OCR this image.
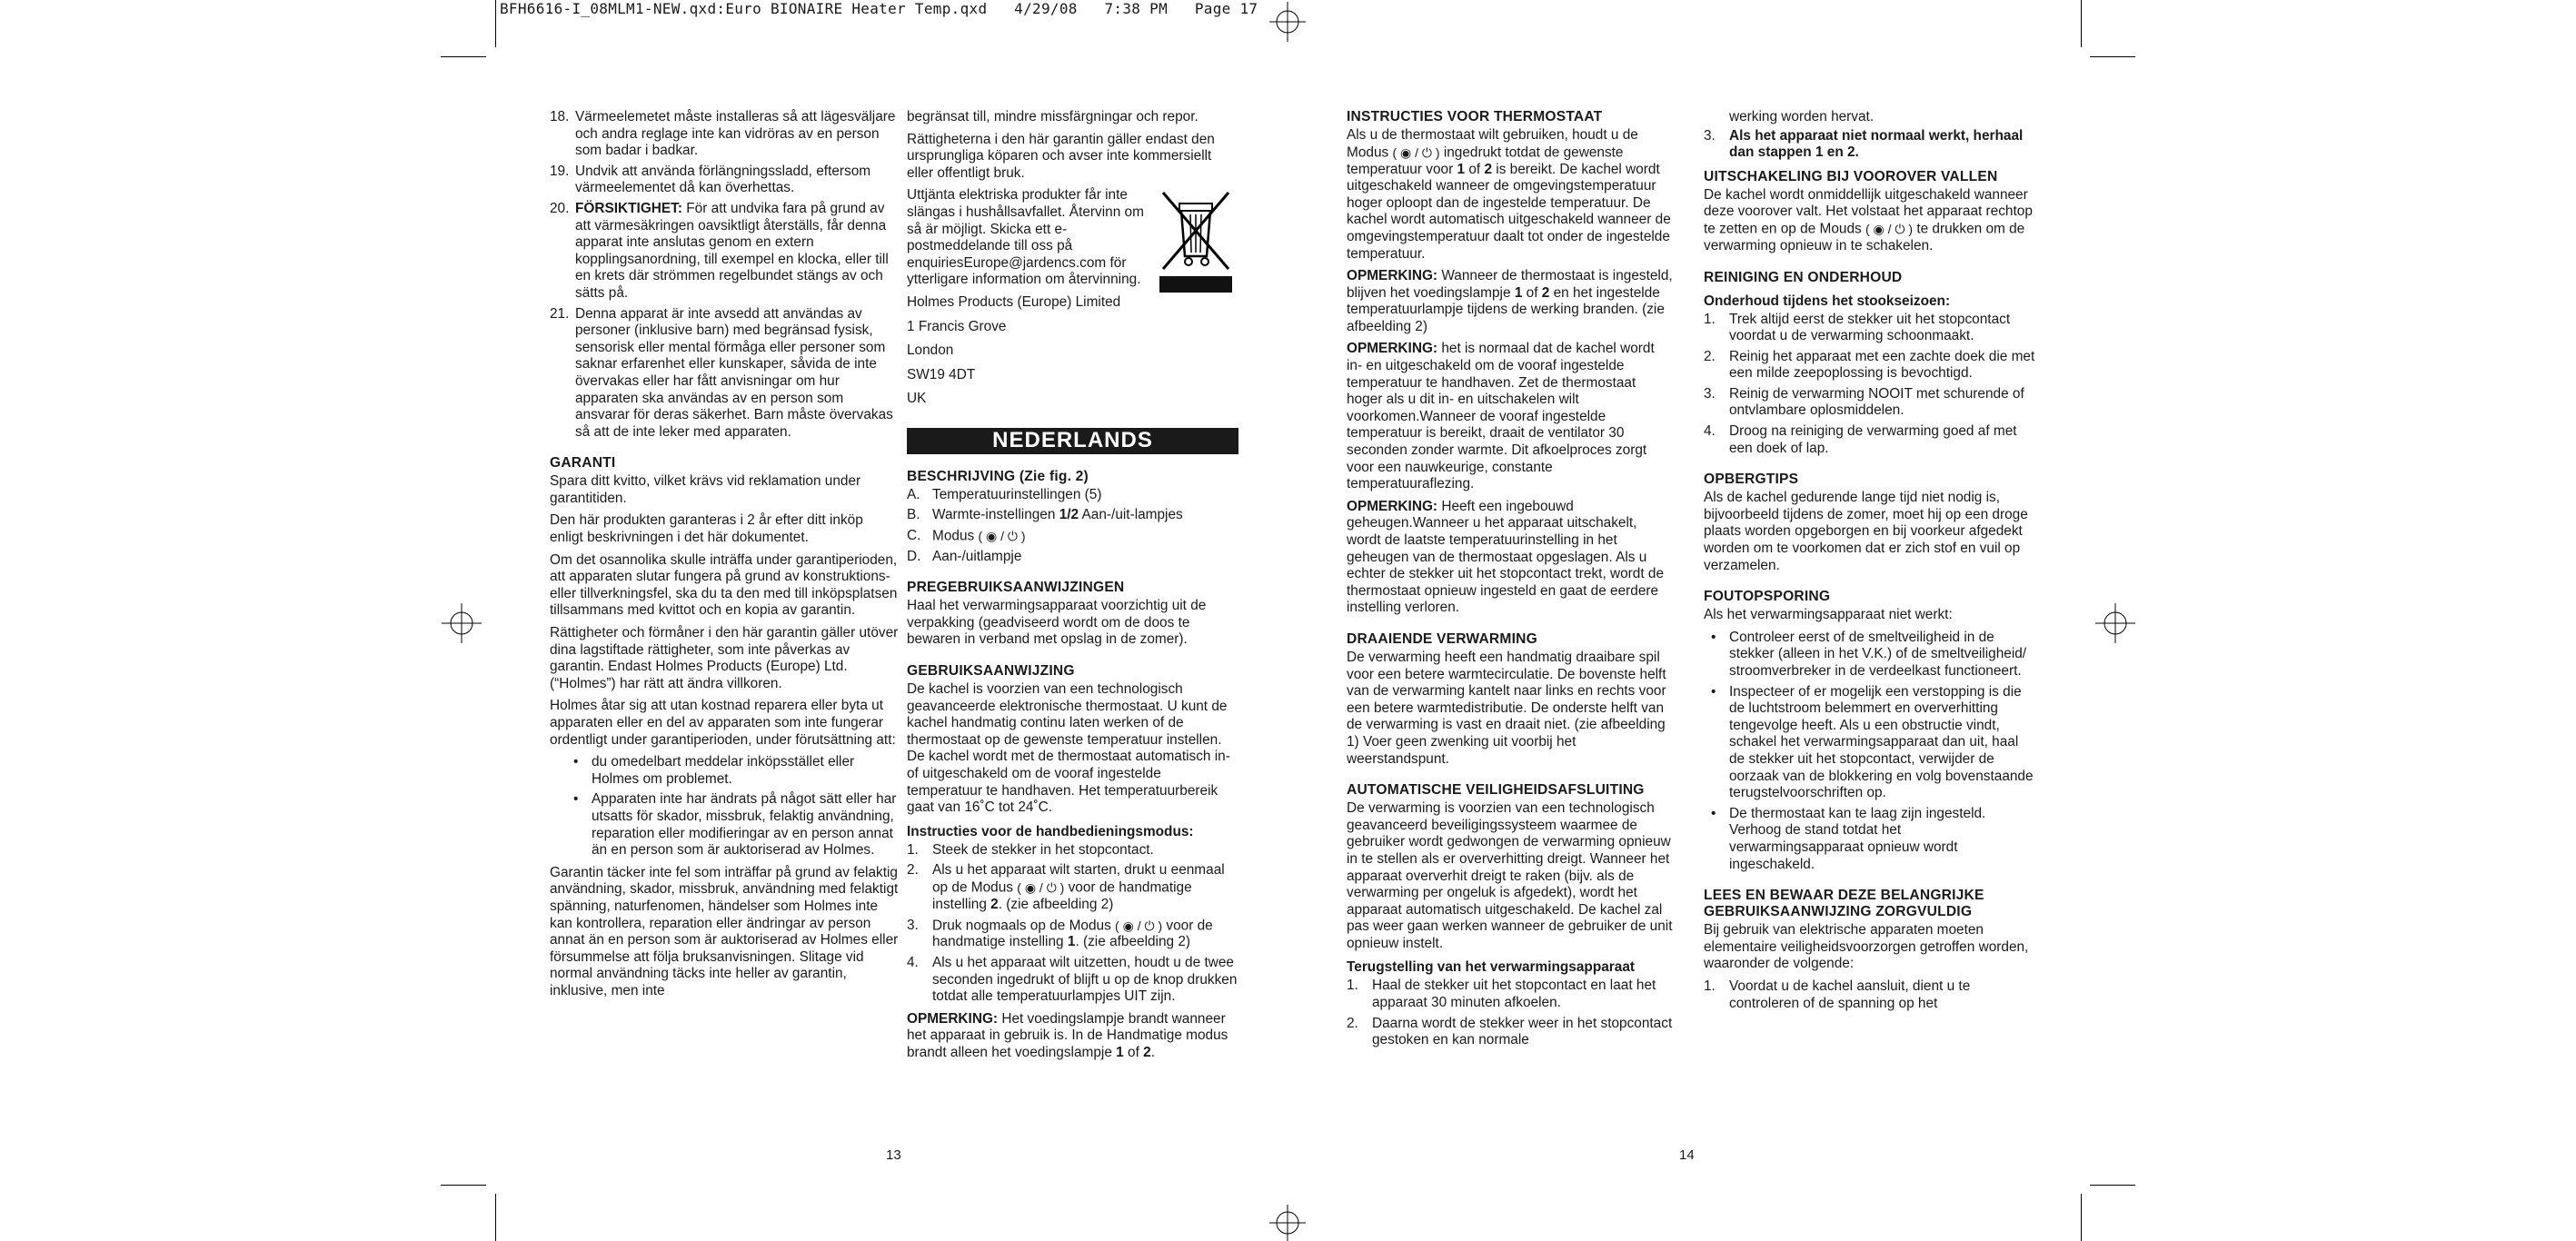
BFH6616-I_08MLM1-NEW.qxd:Euro BIONAIRE Heater Temp.qxd   4/29/08   7:38 PM   Page 17
18. Värmeelemetet måste installeras så att lägesväljare och andra reglage inte kan vidröras av en person som badar i badkar.
19. Undvik att använda förlängningssladd, eftersom värmeelementet då kan överhettas.
20. FÖRSIKTIGHET: För att undvika fara på grund av att värmesäkringen oavsiktligt återställs, får denna apparat inte anslutas genom en extern kopplingsanordning, till exempel en klocka, eller till en krets där strömmen regelbundet stängs av och sätts på.
21. Denna apparat är inte avsedd att användas av personer (inklusive barn) med begränsad fysisk, sensorisk eller mental förmåga eller personer som saknar erfarenhet eller kunskaper, såvida de inte övervakas eller har fått anvisningar om hur apparaten ska användas av en person som ansvarar för deras säkerhet. Barn måste övervakas så att de inte leker med apparaten.
GARANTI

Spara ditt kvitto, vilket krävs vid reklamation under garantitiden.

Den här produkten garanteras i 2 år efter ditt inköp enligt beskrivningen i det här dokumentet.

Om det osannolika skulle inträffa under garantiperioden, att apparaten slutar fungera på grund av konstruktions- eller tillverkningsfel, ska du ta den med till inköpsplatsen tillsammans med kvittot och en kopia av garantin.

Rättigheter och förmåner i den här garantin gäller utöver dina lagstiftade rättigheter, som inte påverkas av garantin. Endast Holmes Products (Europe) Ltd. (“Holmes”) har rätt att ändra villkoren.

Holmes åtar sig att utan kostnad reparera eller byta ut apparaten eller en del av apparaten som inte fungerar ordentligt under garantiperioden, under förutsättning att:

• du omedelbart meddelar inköpsstället eller Holmes om problemet.
• Apparaten inte har ändrats på något sätt eller har utsatts för skador, missbruk, felaktig användning, reparation eller modifieringar av en person annat än en person som är auktoriserad av Holmes.

Garantin täcker inte fel som inträffar på grund av felaktig användning, skador, missbruk, användning med felaktigt spänning, naturfenomen, händelser som Holmes inte kan kontrollera, reparation eller ändringar av person annat än en person som är auktoriserad av Holmes eller försummelse att följa bruksanvisningen. Slitage vid normal användning täcks inte heller av garantin, inklusive, men inte

begränsat till, mindre missfärgningar och repor.

Rättigheterna i den här garantin gäller endast den ursprungliga köparen och avser inte kommersiellt eller offentligt bruk.

Uttjänta elektriska produkter får inte slängas i hushållsavfallet. Återvinn om så är möjligt. Skicka ett e-postmeddelande till oss på enquiriesEurope@jardencs.com för ytterligare information om återvinning.

Holmes Products (Europe) Limited
1 Francis Grove
London
SW19 4DT
UK
NEDERLANDS
BESCHRIJVING (Zie fig. 2)
A. Temperatuurinstellingen (5)
B. Warmte-instellingen 1/2 Aan-/uit-lampjes
C. Modus ( ◉ / ⏻ )
D. Aan-/uitlampje
PREGEBRUIKSAANWIJZINGEN

Haal het verwarmingsapparaat voorzichtig uit de verpakking (geadviseerd wordt om de doos te bewaren in verband met opslag in de zomer).

GEBRUIKSAANWIJZING

De kachel is voorzien van een technologisch geavanceerde elektronische thermostaat. U kunt de kachel handmatig continu laten werken of de thermostaat op de gewenste temperatuur instellen. De kachel wordt met de thermostaat automatisch in- of uitgeschakeld om de vooraf ingestelde temperatuur te handhaven. Het temperatuurbereik gaat van 16˚C tot 24˚C.

Instructies voor de handbedieningsmodus:
1. Steek de stekker in het stopcontact.
2. Als u het apparaat wilt starten, drukt u eenmaal op de Modus ( ◉ / ⏻ ) voor de handmatige instelling 2. (zie afbeelding 2)
3. Druk nogmaals op de Modus ( ◉ / ⏻ ) voor de handmatige instelling 1. (zie afbeelding 2)
4. Als u het apparaat wilt uitzetten, houdt u de twee seconden ingedrukt of blijft u op de knop drukken totdat alle temperatuurlampjes UIT zijn.

OPMERKING: Het voedingslampje brandt wanneer het apparaat in gebruik is. In de Handmatige modus brandt alleen het voedingslampje 1 of 2.

INSTRUCTIES VOOR THERMOSTAAT

Als u de thermostaat wilt gebruiken, houdt u de Modus ( ◉ / ⏻ ) ingedrukt totdat de gewenste temperatuur voor 1 of 2 is bereikt. De kachel wordt uitgeschakeld wanneer de omgevingstemperatuur hoger oploopt dan de ingestelde temperatuur. De kachel wordt automatisch uitgeschakeld wanneer de omgevingstemperatuur daalt tot onder de ingestelde temperatuur.

OPMERKING: Wanneer de thermostaat is ingesteld, blijven het voedingslampje 1 of 2 en het ingestelde temperatuurlampje tijdens de werking branden. (zie afbeelding 2)

OPMERKING: het is normaal dat de kachel wordt in- en uitgeschakeld om de vooraf ingestelde temperatuur te handhaven. Zet de thermostaat hoger als u dit in- en uitschakelen wilt voorkomen.Wanneer de vooraf ingestelde temperatuur is bereikt, draait de ventilator 30 seconden zonder warmte. Dit afkoelproces zorgt voor een nauwkeurige, constante temperatuuraflezing.

OPMERKING: Heeft een ingebouwd geheugen.Wanneer u het apparaat uitschakelt, wordt de laatste temperatuurinstelling in het geheugen van de thermostaat opgeslagen. Als u echter de stekker uit het stopcontact trekt, wordt de thermostaat opnieuw ingesteld en gaat de eerdere instelling verloren.

DRAAIENDE VERWARMING

De verwarming heeft een handmatig draaibare spil voor een betere warmtecirculatie. De bovenste helft van de verwarming kantelt naar links en rechts voor een betere warmtedistributie. De onderste helft van de verwarming is vast en draait niet. (zie afbeelding 1) Voer geen zwenking uit voorbij het weerstandspunt.

AUTOMATISCHE VEILIGHEIDSAFSLUITING

De verwarming is voorzien van een technologisch geavanceerd beveiligingssysteem waarmee de gebruiker wordt gedwongen de verwarming opnieuw in te stellen als er oververhitting dreigt. Wanneer het apparaat oververhit dreigt te raken (bijv. als de verwarming per ongeluk is afgedekt), wordt het apparaat automatisch uitgeschakeld. De kachel zal pas weer gaan werken wanneer de gebruiker de unit opnieuw instelt.

Terugstelling van het verwarmingsapparaat
1. Haal de stekker uit het stopcontact en laat het apparaat 30 minuten afkoelen.
2. Daarna wordt de stekker weer in het stopcontact gestoken en kan normale

werking worden hervat.

3. Als het apparaat niet normaal werkt, herhaal dan stappen 1 en 2.
UITSCHAKELING BIJ VOOROVER VALLEN

De kachel wordt onmiddellijk uitgeschakeld wanneer deze voorover valt. Het volstaat het apparaat rechtop te zetten en op de Mouds ( ◉ / ⏻ ) te drukken om de verwarming opnieuw in te schakelen.

REINIGING EN ONDERHOUD
Onderhoud tijdens het stookseizoen:
1. Trek altijd eerst de stekker uit het stopcontact voordat u de verwarming schoonmaakt.
2. Reinig het apparaat met een zachte doek die met een milde zeepoplossing is bevochtigd.
3. Reinig de verwarming NOOIT met schurende of ontvlambare oplosmiddelen.
4. Droog na reiniging de verwarming goed af met een doek of lap.
OPBERGTIPS

Als de kachel gedurende lange tijd niet nodig is, bijvoorbeeld tijdens de zomer, moet hij op een droge plaats worden opgeborgen en bij voorkeur afgedekt worden om te voorkomen dat er zich stof en vuil op verzamelen.

FOUTOPSPORING

Als het verwarmingsapparaat niet werkt:

• Controleer eerst of de smeltveiligheid in de stekker (alleen in het V.K.) of de smeltveiligheid/ stroomverbreker in de verdeelkast functioneert.
• Inspecteer of er mogelijk een verstopping is die de luchtstroom belemmert en oververhitting tengevolge heeft. Als u een obstructie vindt, schakel het verwarmingsapparaat dan uit, haal de stekker uit het stopcontact, verwijder de oorzaak van de blokkering en volg bovenstaande terugstelvoorschriften op.
• De thermostaat kan te laag zijn ingesteld. Verhoog de stand totdat het verwarmingsapparaat opnieuw wordt ingeschakeld.
LEES EN BEWAAR DEZE BELANGRIJKE GEBRUIKSAANWIJZING ZORGVULDIG

Bij gebruik van elektrische apparaten moeten elementaire veiligheidsvoorzorgen getroffen worden, waaronder de volgende:

1. Voordat u de kachel aansluit, dient u te controleren of de spanning op het
13	14
